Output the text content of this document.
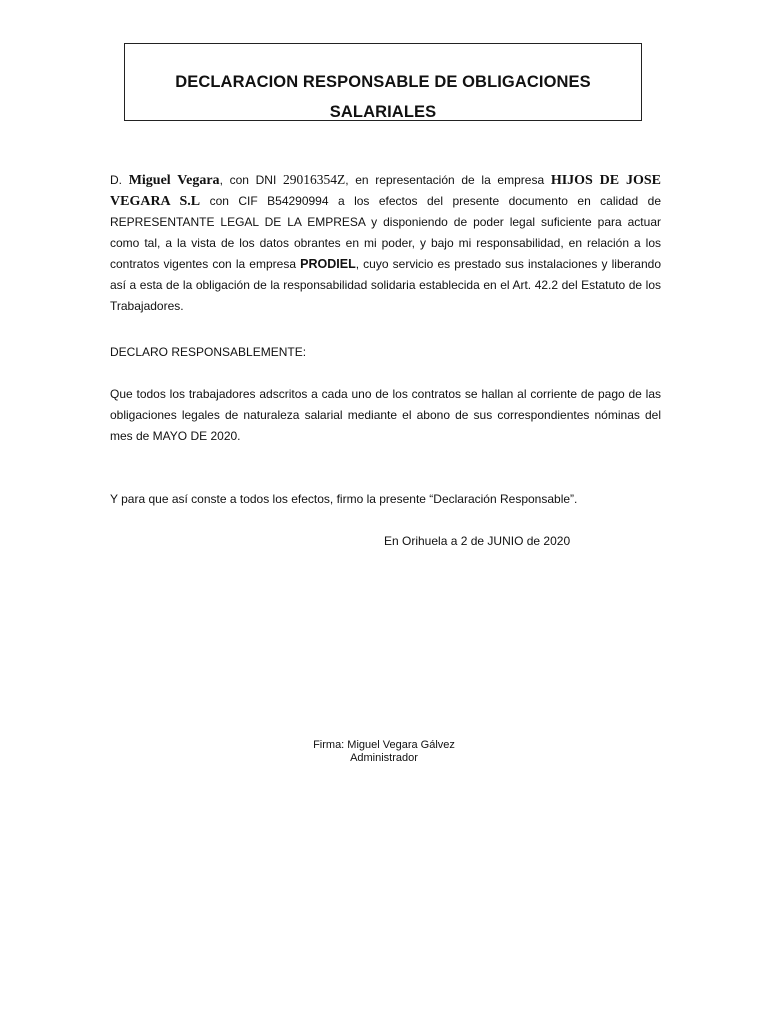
DECLARACION RESPONSABLE DE OBLIGACIONES
SALARIALES
D. Miguel Vegara, con DNI 29016354Z, en representación de la empresa HIJOS DE JOSE VEGARA S.L con CIF B54290994 a los efectos del presente documento en calidad de REPRESENTANTE LEGAL DE LA EMPRESA y disponiendo de poder legal suficiente para actuar como tal, a la vista de los datos obrantes en mi poder, y bajo mi responsabilidad, en relación a los contratos vigentes con la empresa PRODIEL, cuyo servicio es prestado sus instalaciones y liberando así a esta de la obligación de la responsabilidad solidaria establecida en el Art. 42.2 del Estatuto de los Trabajadores.
DECLARO RESPONSABLEMENTE:
Que todos los trabajadores adscritos a cada uno de los contratos se hallan al corriente de pago de las obligaciones legales de naturaleza salarial mediante el abono de sus correspondientes nóminas del mes de MAYO DE 2020.
Y para que así conste a todos los efectos, firmo la presente “Declaración Responsable”.
En Orihuela a 2 de JUNIO de 2020
Firma: Miguel Vegara Gálvez
Administrador
